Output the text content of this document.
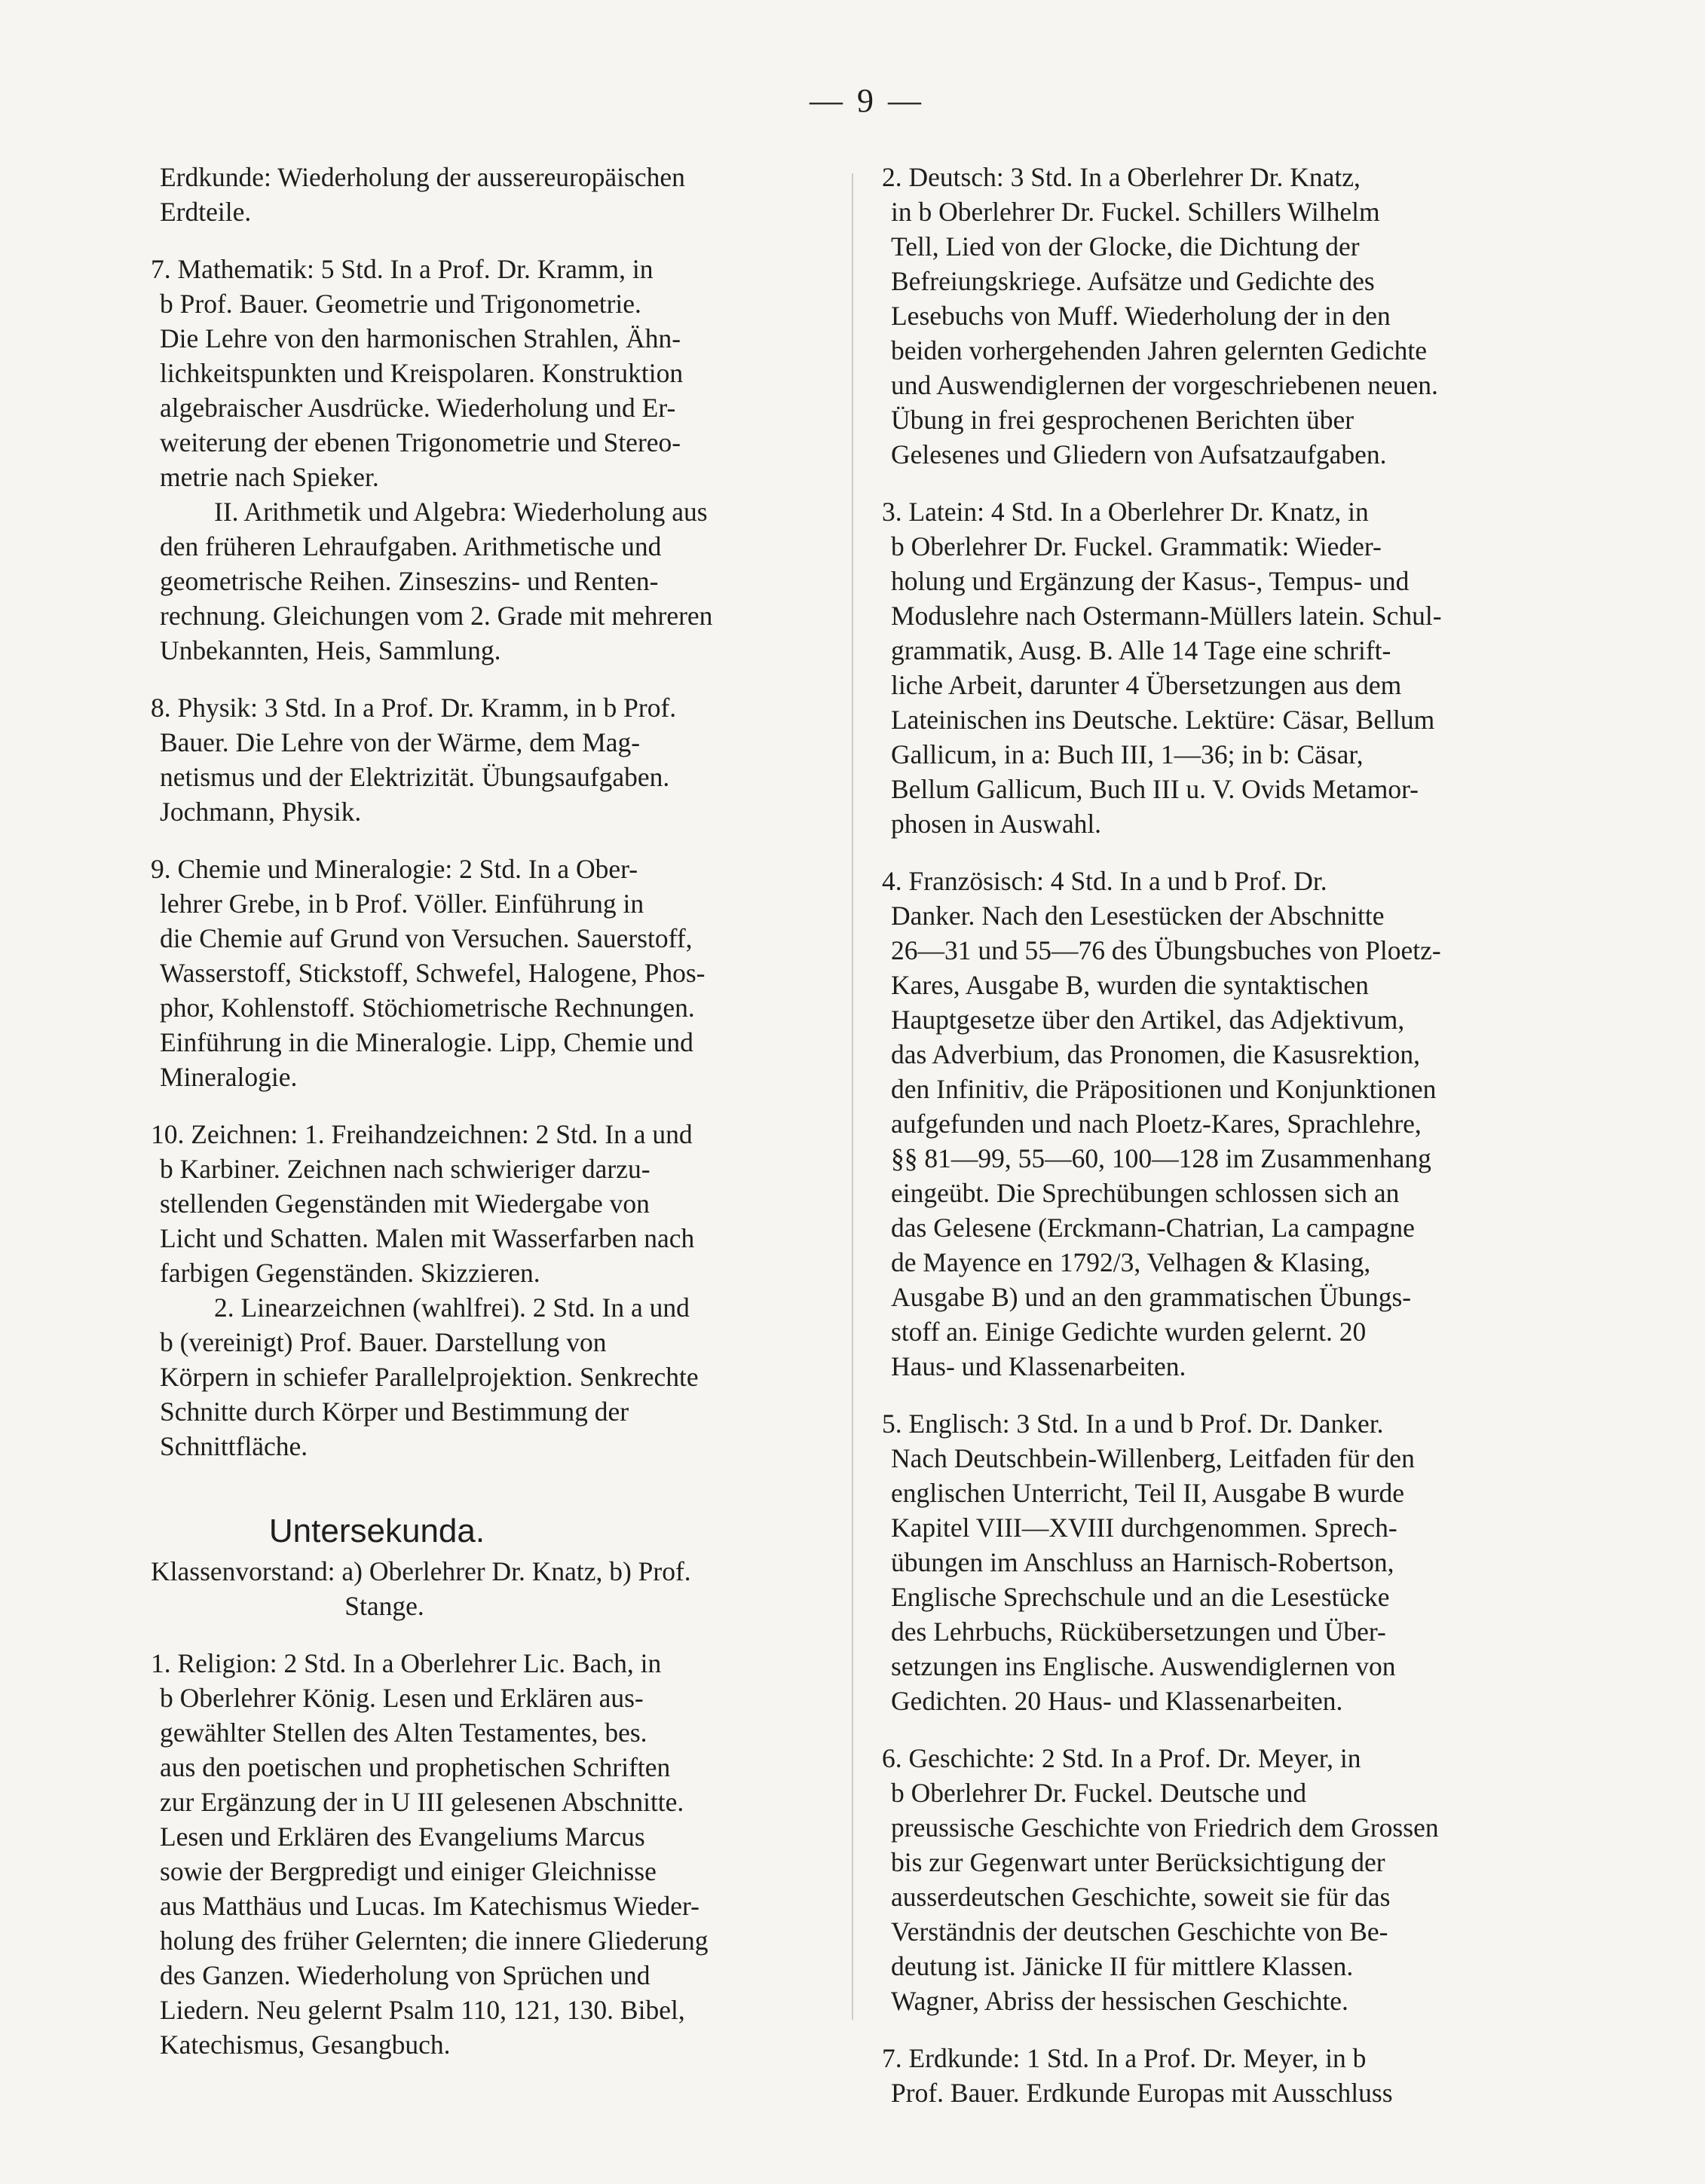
— 9 —
Erdkunde: Wiederholung der aussereuropäischen
Erdteile.
7. Mathematik: 5 Std. In a Prof. Dr. Kramm, in
b Prof. Bauer. Geometrie und Trigonometrie.
Die Lehre von den harmonischen Strahlen, Ähn-
lichkeitspunkten und Kreispolaren. Konstruktion
algebraischer Ausdrücke. Wiederholung und Er-
weiterung der ebenen Trigonometrie und Stereo-
metrie nach Spieker.
II. Arithmetik und Algebra: Wiederholung aus
den früheren Lehraufgaben. Arithmetische und
geometrische Reihen. Zinseszins- und Renten-
rechnung. Gleichungen vom 2. Grade mit mehreren
Unbekannten, Heis, Sammlung.
8. Physik: 3 Std. In a Prof. Dr. Kramm, in b Prof.
Bauer. Die Lehre von der Wärme, dem Mag-
netismus und der Elektrizität. Übungsaufgaben.
Jochmann, Physik.
9. Chemie und Mineralogie: 2 Std. In a Ober-
lehrer Grebe, in b Prof. Völler. Einführung in
die Chemie auf Grund von Versuchen. Sauerstoff,
Wasserstoff, Stickstoff, Schwefel, Halogene, Phos-
phor, Kohlenstoff. Stöchiometrische Rechnungen.
Einführung in die Mineralogie. Lipp, Chemie und
Mineralogie.
10. Zeichnen: 1. Freihandzeichnen: 2 Std. In a und
b Karbiner. Zeichnen nach schwieriger darzu-
stellenden Gegenständen mit Wiedergabe von
Licht und Schatten. Malen mit Wasserfarben nach
farbigen Gegenständen. Skizzieren.
2. Linearzeichnen (wahlfrei). 2 Std. In a und
b (vereinigt) Prof. Bauer. Darstellung von
Körpern in schiefer Parallelprojektion. Senkrechte
Schnitte durch Körper und Bestimmung der
Schnittfläche.
Untersekunda.
Klassenvorstand: a) Oberlehrer Dr. Knatz, b) Prof.
Stange.
1. Religion: 2 Std. In a Oberlehrer Lic. Bach, in
b Oberlehrer König. Lesen und Erklären aus-
gewählter Stellen des Alten Testamentes, bes.
aus den poetischen und prophetischen Schriften
zur Ergänzung der in U III gelesenen Abschnitte.
Lesen und Erklären des Evangeliums Marcus
sowie der Bergpredigt und einiger Gleichnisse
aus Matthäus und Lucas. Im Katechismus Wieder-
holung des früher Gelernten; die innere Gliederung
des Ganzen. Wiederholung von Sprüchen und
Liedern. Neu gelernt Psalm 110, 121, 130. Bibel,
Katechismus, Gesangbuch.
2. Deutsch: 3 Std. In a Oberlehrer Dr. Knatz,
in b Oberlehrer Dr. Fuckel. Schillers Wilhelm
Tell, Lied von der Glocke, die Dichtung der
Befreiungskriege. Aufsätze und Gedichte des
Lesebuchs von Muff. Wiederholung der in den
beiden vorhergehenden Jahren gelernten Gedichte
und Auswendiglernen der vorgeschriebenen neuen.
Übung in frei gesprochenen Berichten über
Gelesenes und Gliedern von Aufsatzaufgaben.
3. Latein: 4 Std. In a Oberlehrer Dr. Knatz, in
b Oberlehrer Dr. Fuckel. Grammatik: Wieder-
holung und Ergänzung der Kasus-, Tempus- und
Moduslehre nach Ostermann-Müllers latein. Schul-
grammatik, Ausg. B. Alle 14 Tage eine schrift-
liche Arbeit, darunter 4 Übersetzungen aus dem
Lateinischen ins Deutsche. Lektüre: Cäsar, Bellum
Gallicum, in a: Buch III, 1—36; in b: Cäsar,
Bellum Gallicum, Buch III u. V. Ovids Metamor-
phosen in Auswahl.
4. Französisch: 4 Std. In a und b Prof. Dr.
Danker. Nach den Lesestücken der Abschnitte
26—31 und 55—76 des Übungsbuches von Ploetz-
Kares, Ausgabe B, wurden die syntaktischen
Hauptgesetze über den Artikel, das Adjektivum,
das Adverbium, das Pronomen, die Kasusrektion,
den Infinitiv, die Präpositionen und Konjunktionen
aufgefunden und nach Ploetz-Kares, Sprachlehre,
§§ 81—99, 55—60, 100—128 im Zusammenhang
eingeübt. Die Sprechübungen schlossen sich an
das Gelesene (Erckmann-Chatrian, La campagne
de Mayence en 1792/3, Velhagen & Klasing,
Ausgabe B) und an den grammatischen Übungs-
stoff an. Einige Gedichte wurden gelernt. 20
Haus- und Klassenarbeiten.
5. Englisch: 3 Std. In a und b Prof. Dr. Danker.
Nach Deutschbein-Willenberg, Leitfaden für den
englischen Unterricht, Teil II, Ausgabe B wurde
Kapitel VIII—XVIII durchgenommen. Sprech-
übungen im Anschluss an Harnisch-Robertson,
Englische Sprechschule und an die Lesestücke
des Lehrbuchs, Rückübersetzungen und Über-
setzungen ins Englische. Auswendiglernen von
Gedichten. 20 Haus- und Klassenarbeiten.
6. Geschichte: 2 Std. In a Prof. Dr. Meyer, in
b Oberlehrer Dr. Fuckel. Deutsche und
preussische Geschichte von Friedrich dem Grossen
bis zur Gegenwart unter Berücksichtigung der
ausserdeutschen Geschichte, soweit sie für das
Verständnis der deutschen Geschichte von Be-
deutung ist. Jänicke II für mittlere Klassen.
Wagner, Abriss der hessischen Geschichte.
7. Erdkunde: 1 Std. In a Prof. Dr. Meyer, in b
Prof. Bauer. Erdkunde Europas mit Ausschluss
